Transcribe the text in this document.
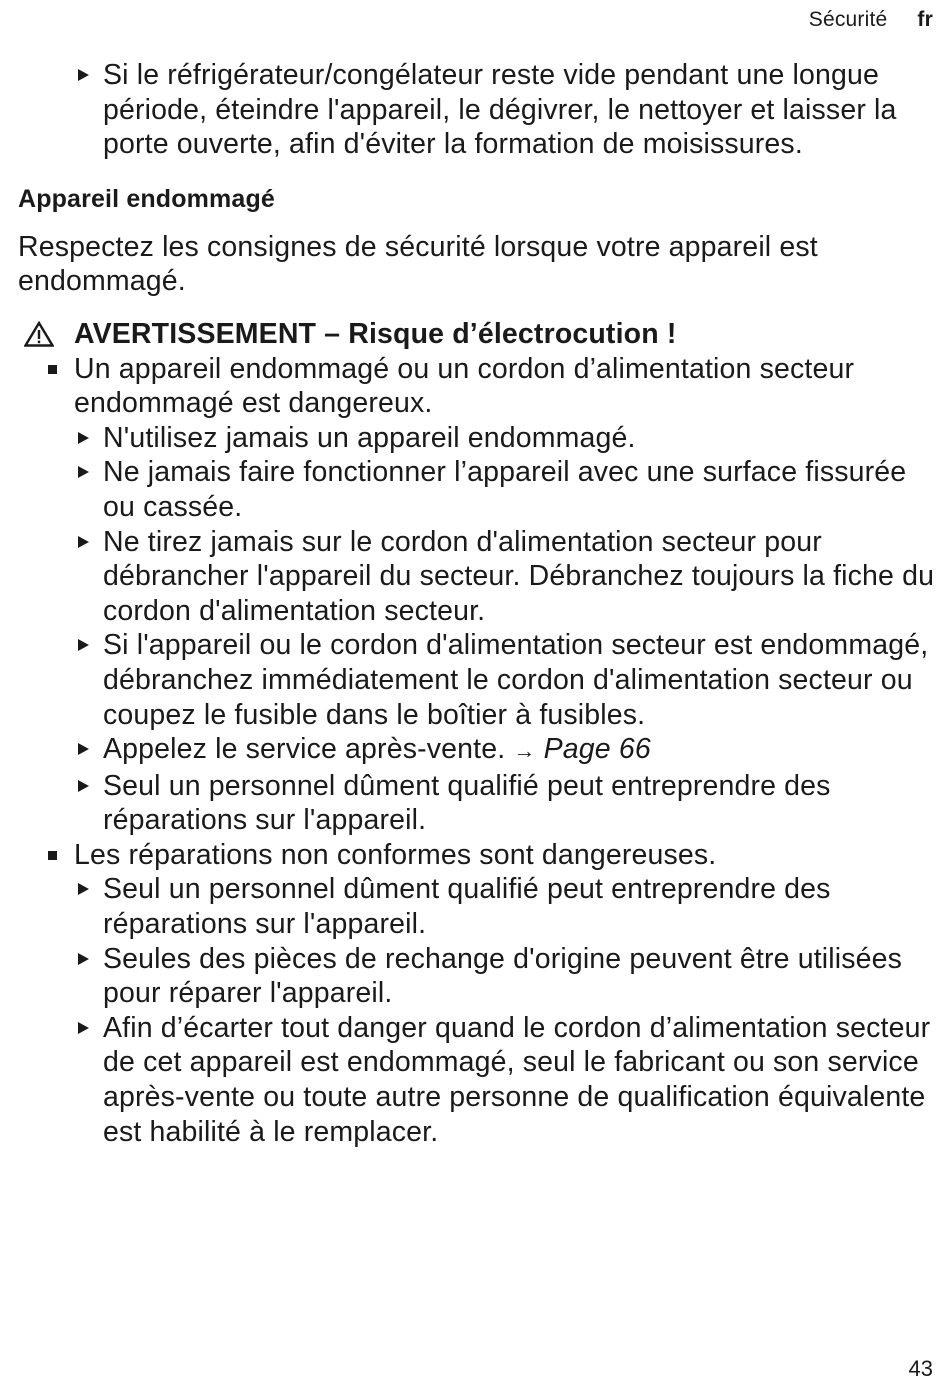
Sécurité fr
Si le réfrigérateur/congélateur reste vide pendant une longue période, éteindre l'appareil, le dégivrer, le nettoyer et laisser la porte ouverte, afin d'éviter la formation de moisissures.
Appareil endommagé
Respectez les consignes de sécurité lorsque votre appareil est endommagé.
AVERTISSEMENT – Risque d’électrocution !
Un appareil endommagé ou un cordon d’alimentation secteur endommagé est dangereux.
N'utilisez jamais un appareil endommagé.
Ne jamais faire fonctionner l’appareil avec une surface fissurée ou cassée.
Ne tirez jamais sur le cordon d'alimentation secteur pour débrancher l'appareil du secteur. Débranchez toujours la fiche du cordon d'alimentation secteur.
Si l'appareil ou le cordon d'alimentation secteur est endommagé, débranchez immédiatement le cordon d'alimentation secteur ou coupez le fusible dans le boîtier à fusibles.
Appelez le service après-vente. → Page 66
Seul un personnel dûment qualifié peut entreprendre des réparations sur l'appareil.
Les réparations non conformes sont dangereuses.
Seul un personnel dûment qualifié peut entreprendre des réparations sur l'appareil.
Seules des pièces de rechange d'origine peuvent être utilisées pour réparer l'appareil.
Afin d’écarter tout danger quand le cordon d’alimentation secteur de cet appareil est endommagé, seul le fabricant ou son service après-vente ou toute autre personne de qualification équivalente est habilité à le remplacer.
43
